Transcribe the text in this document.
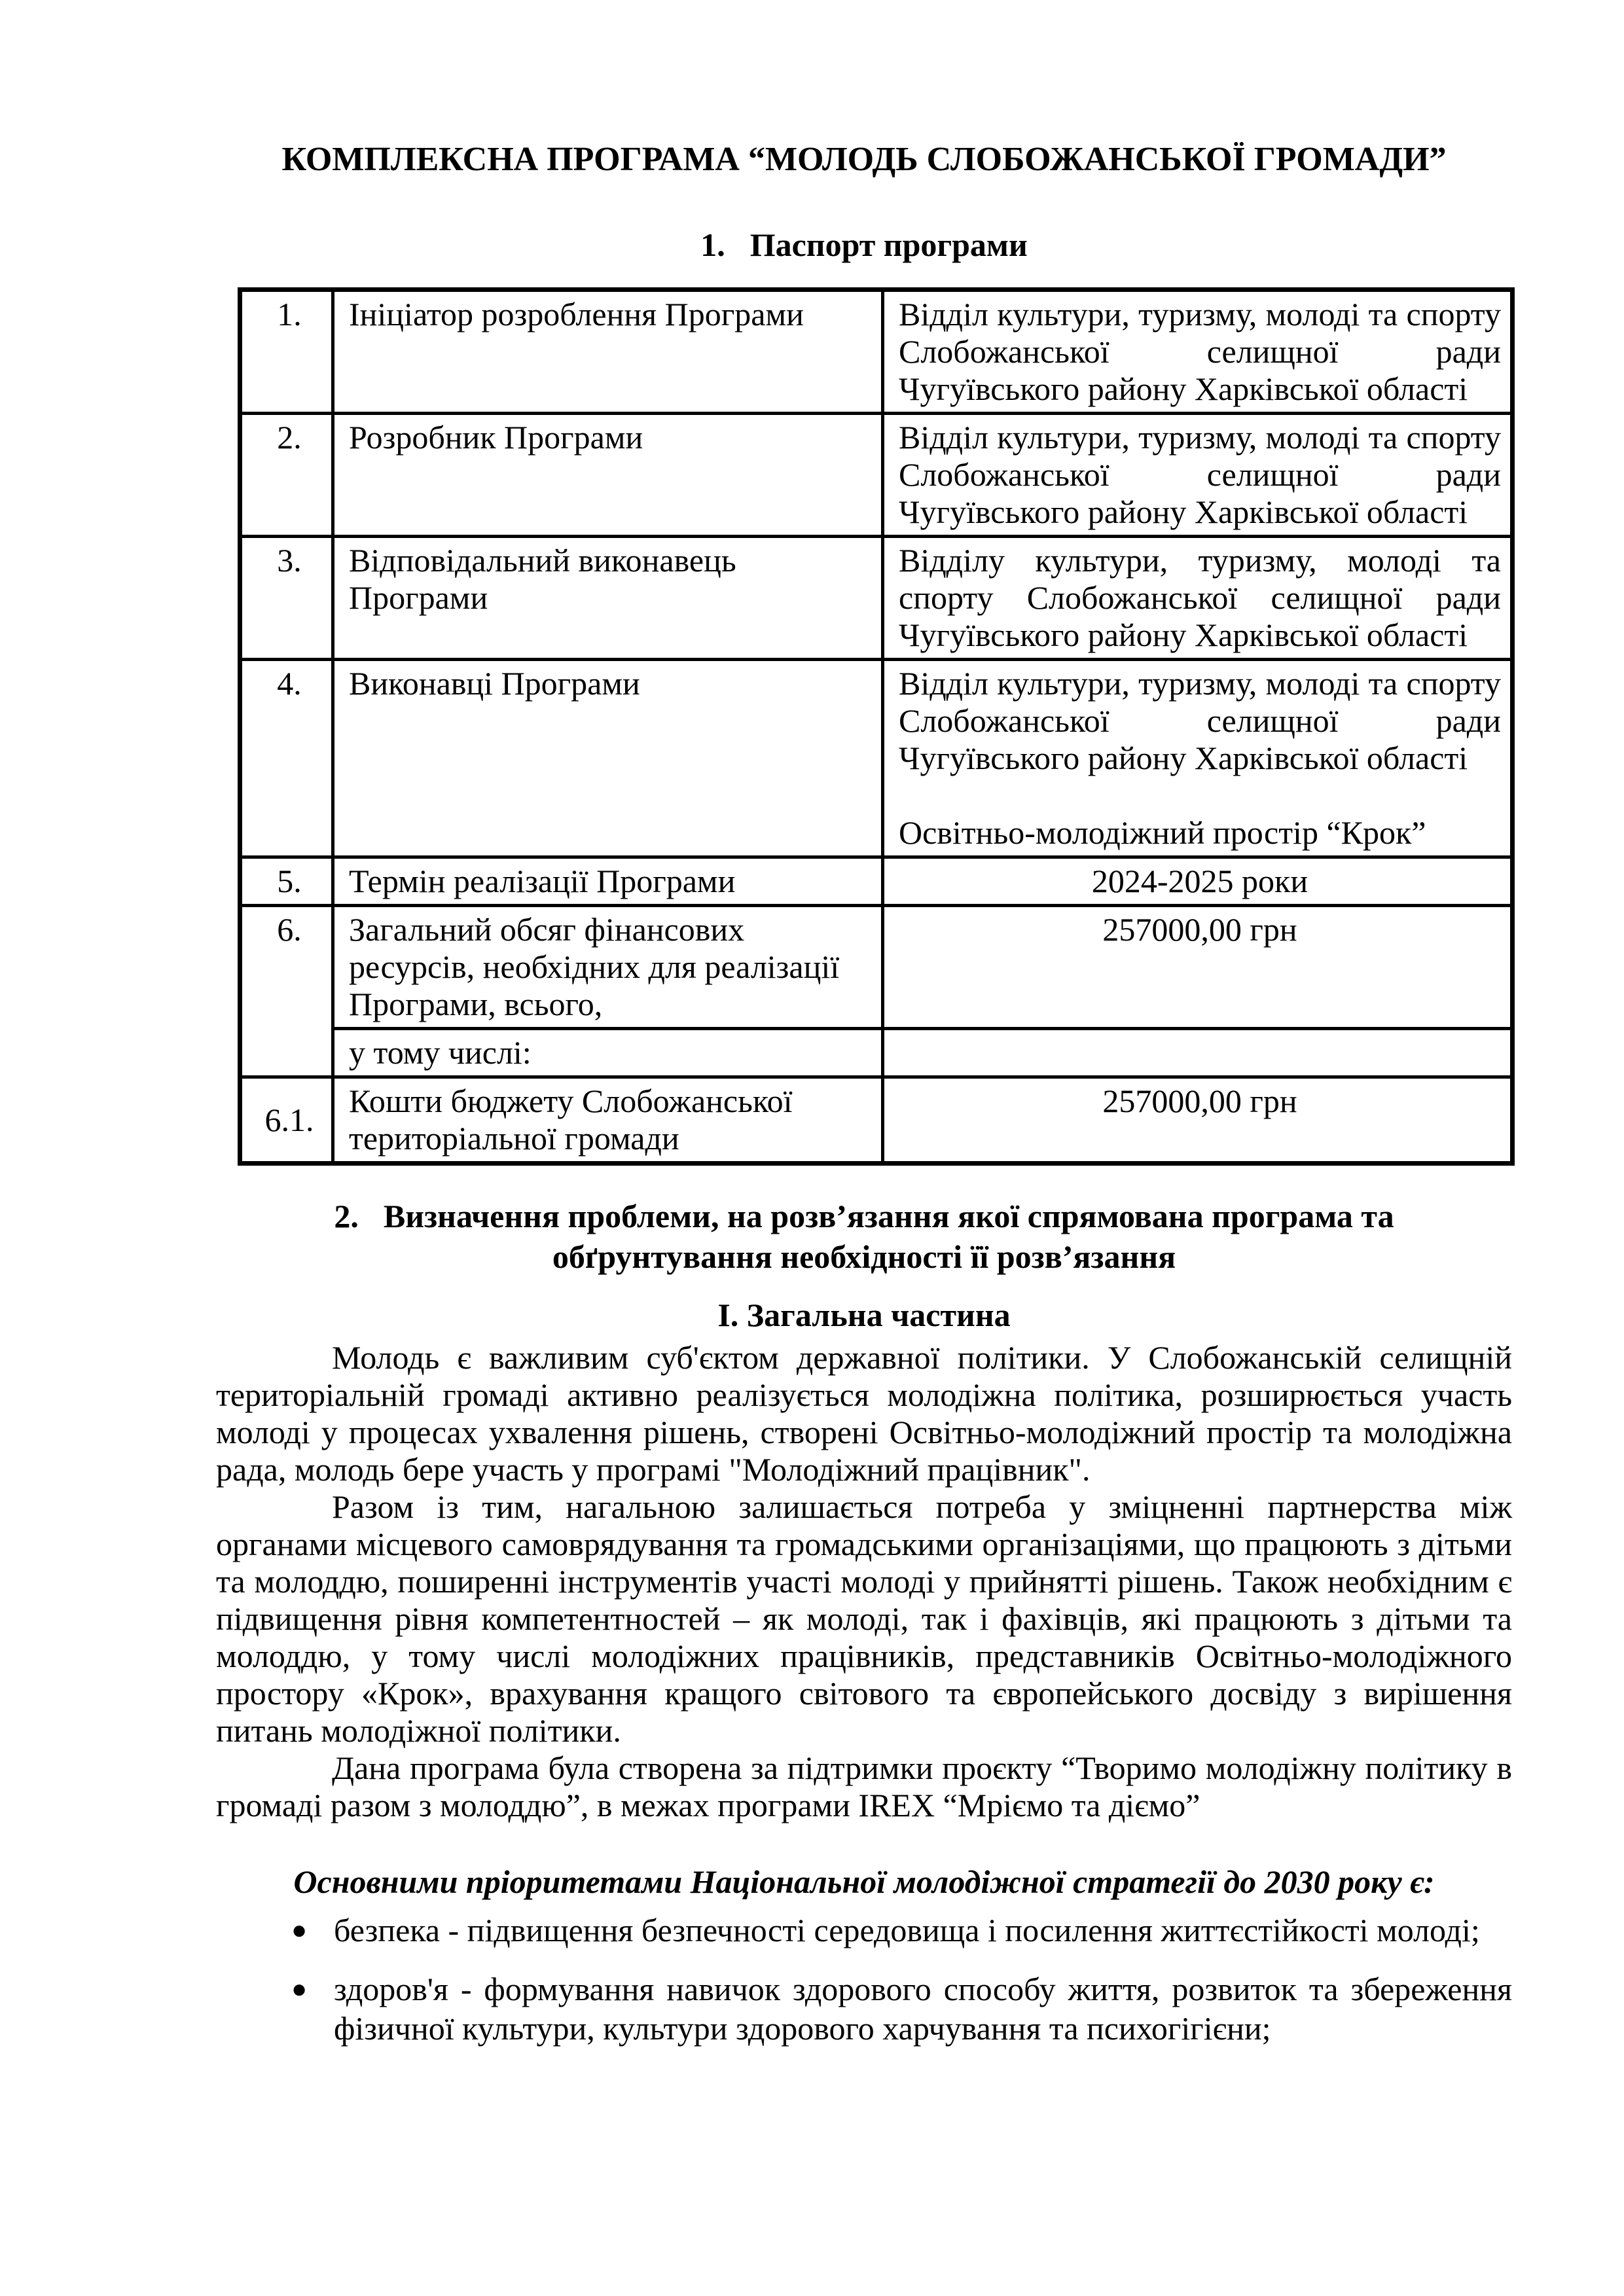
КОМПЛЕКСНА ПРОГРАМА “МОЛОДЬ СЛОБОЖАНСЬКОЇ ГРОМАДИ”
1. Паспорт програми
1.	Ініціатор розроблення Програми	Відділ культури, туризму, молоді та спорту Слобожанської селищної ради Чугуївського району Харківської області
2.	Розробник Програми	Відділ культури, туризму, молоді та спорту Слобожанської селищної ради Чугуївського району Харківської області
3.	Відповідальний виконавець Програми	Відділу культури, туризму, молоді та спорту Слобожанської селищної ради Чугуївського району Харківської області
4.	Виконавці Програми	Відділ культури, туризму, молоді та спорту Слобожанської селищної ради Чугуївського району Харківської області
Освітньо-молодіжний простір “Крок”

5.	Термін реалізації Програми	2024-2025 роки
6.	Загальний обсяг фінансових ресурсів, необхідних для реалізації Програми, всього,	257000,00 грн
	у тому числі:	
6.1.	Кошти бюджету Слобожанської територіальної громади	257000,00 грн
2. Визначення проблеми, на розв’язання якої спрямована програма та
обґрунтування необхідності її розв’язання
І. Загальна частина

Молодь є важливим суб'єктом державної політики. У Слобожанській селищній територіальній громаді активно реалізується молодіжна політика, розширюється участь молоді у процесах ухвалення рішень, створені Освітньо-молодіжний простір та молодіжна рада, молодь бере участь у програмі "Молодіжний працівник".

Разом із тим, нагальною залишається потреба у зміцненні партнерства між органами місцевого самоврядування та громадськими організаціями, що працюють з дітьми та молоддю, поширенні інструментів участі молоді у прийнятті рішень. Також необхідним є підвищення рівня компетентностей – як молоді, так і фахівців, які працюють з дітьми та молоддю, у тому числі молодіжних працівників, представників Освітньо-молодіжного простору «Крок», врахування кращого світового та європейського досвіду з вирішення питань молодіжної політики.

Дана програма була створена за підтримки проєкту “Творимо молодіжну політику в громаді разом з молоддю”, в межах програми IREX “Мріємо та діємо”

Основними пріоритетами Національної молодіжної стратегії до 2030 року є:
● безпека - підвищення безпечності середовища і посилення життєстійкості молоді;
● здоров'я - формування навичок здорового способу життя, розвиток та збереження фізичної культури, культури здорового харчування та психогігієни;
